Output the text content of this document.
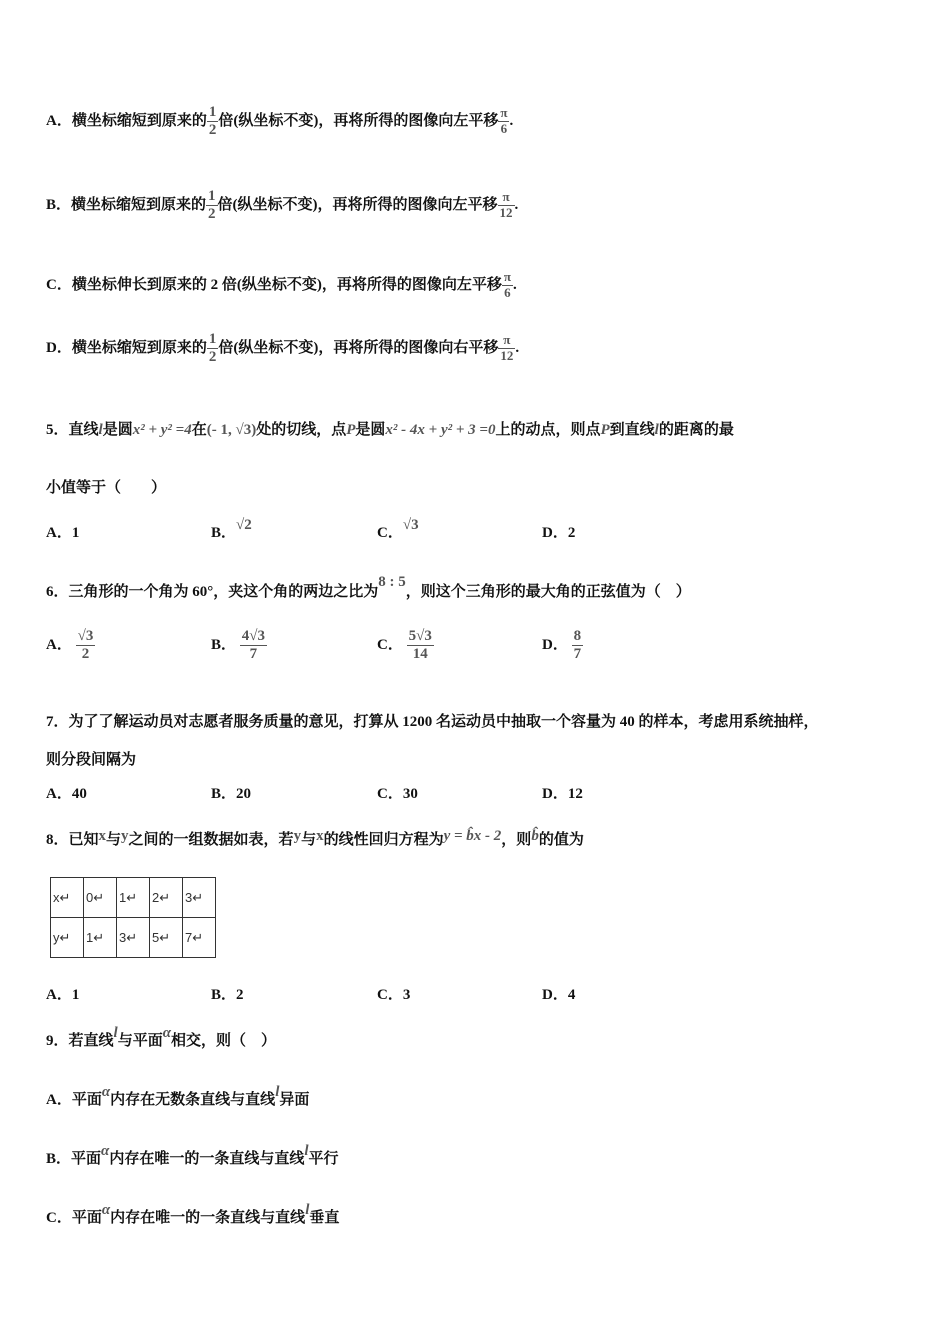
A．横坐标缩短到原来的 $\frac{1}{2}$ 倍(纵坐标不变)，再将所得的图像向左平移 $\frac{\pi}{6}$ .
B．横坐标缩短到原来的 $\frac{1}{2}$ 倍(纵坐标不变)，再将所得的图像向左平移 $\frac{\pi}{12}$ .
C．横坐标伸长到原来的 2 倍(纵坐标不变)，再将所得的图像向左平移 $\frac{\pi}{6}$ .
D．横坐标缩短到原来的 $\frac{1}{2}$ 倍(纵坐标不变)，再将所得的图像向右平移 $\frac{\pi}{12}$ .
5．直线l是圆x² + y² =4在(- 1, √3)处的切线，点P是圆x² - 4x + y² + 3 =0上的动点，则点P到直线l的距离的最
小值等于（　　）
A．1	B．√2	C．√3	D．2
6．三角形的一个角为 60°，夹这个角的两边之比为8 : 5，则这个三角形的最大角的正弦值为（　）
A． $\frac{√3}{2}$	B． $\frac{4√3}{7}$	C． $\frac{5√3}{14}$	D． $\frac{8}{7}$
7．为了了解运动员对志愿者服务质量的意见，打算从 1200 名运动员中抽取一个容量为 40 的样本，考虑用系统抽样，
则分段间隔为
A．40	B．20	C．30	D．12
8．已知x与y之间的一组数据如表，若y与x的线性回归方程为y = b̂x - 2，则b̂的值为
x↵	0↵	1↵	2↵	3↵
y↵	1↵	3↵	5↵	7↵
A．1	B．2	C．3	D．4
9．若直线l与平面α相交，则（　）
A．平面α内存在无数条直线与直线l异面
B．平面α内存在唯一的一条直线与直线l平行
C．平面α内存在唯一的一条直线与直线l垂直
